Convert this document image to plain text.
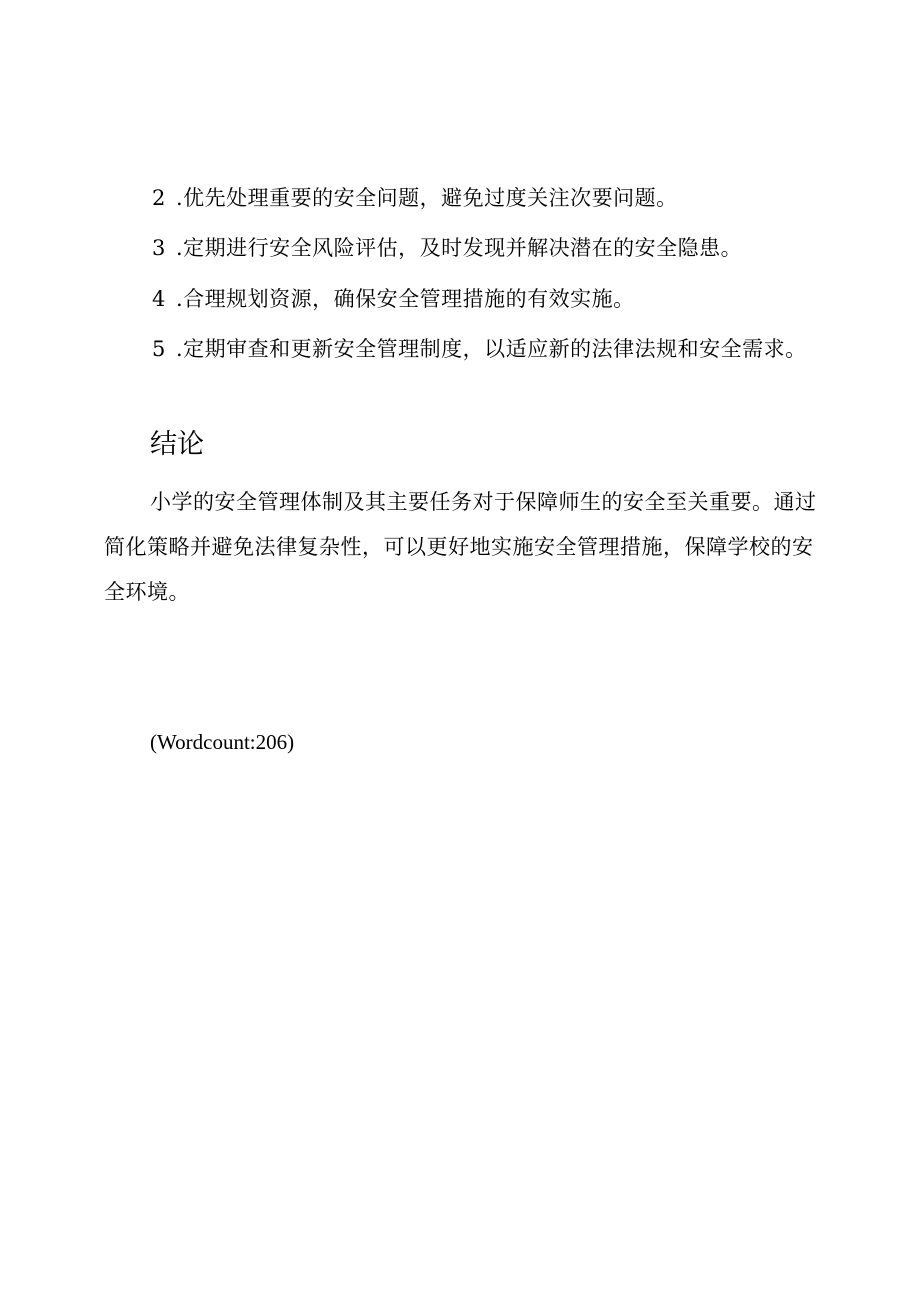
2 .优先处理重要的安全问题，避免过度关注次要问题。
3 .定期进行安全风险评估，及时发现并解决潜在的安全隐患。
4 .合理规划资源，确保安全管理措施的有效实施。
5 .定期审查和更新安全管理制度，以适应新的法律法规和安全需求。
结论
小学的安全管理体制及其主要任务对于保障师生的安全至关重要。通过简化策略并避免法律复杂性，可以更好地实施安全管理措施，保障学校的安全环境。
(Wordcount:206)
